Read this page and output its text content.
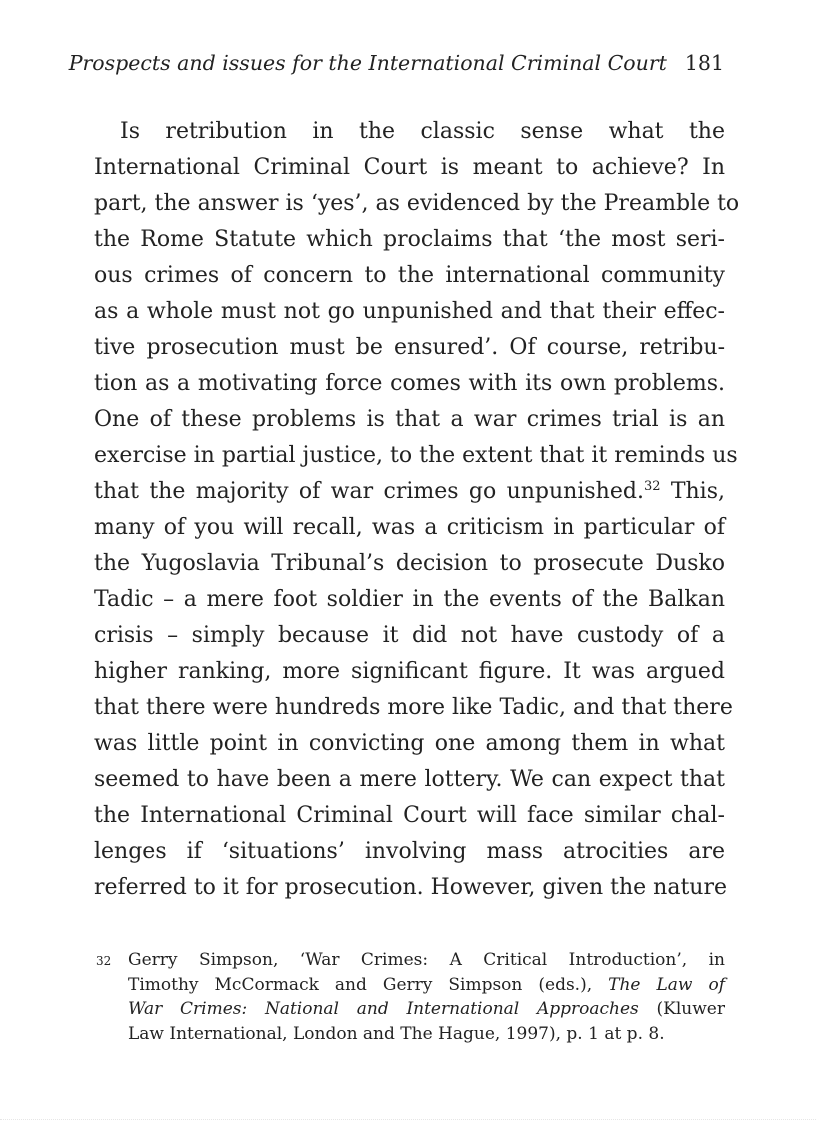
Prospects and issues for the International Criminal Court 181
Is retribution in the classic sense what the
International Criminal Court is meant to achieve? In
part, the answer is ‘yes’, as evidenced by the Preamble to
the Rome Statute which proclaims that ‘the most seri-
ous crimes of concern to the international community
as a whole must not go unpunished and that their effec-
tive prosecution must be ensured’. Of course, retribu-
tion as a motivating force comes with its own problems.
One of these problems is that a war crimes trial is an
exercise in partial justice, to the extent that it reminds us
that the majority of war crimes go unpunished.$^{32}$ This,
many of you will recall, was a criticism in particular of
the Yugoslavia Tribunal’s decision to prosecute Dusko
Tadic – a mere foot soldier in the events of the Balkan
crisis – simply because it did not have custody of a
higher ranking, more significant figure. It was argued
that there were hundreds more like Tadic, and that there
was little point in convicting one among them in what
seemed to have been a mere lottery. We can expect that
the International Criminal Court will face similar chal-
lenges if ‘situations’ involving mass atrocities are
referred to it for prosecution. However, given the nature
32 Gerry Simpson, ‘War Crimes: A Critical Introduction’, in
Timothy McCormack and Gerry Simpson (eds.), The Law of
War Crimes: National and International Approaches (Kluwer
Law International, London and The Hague, 1997), p. 1 at p. 8.
